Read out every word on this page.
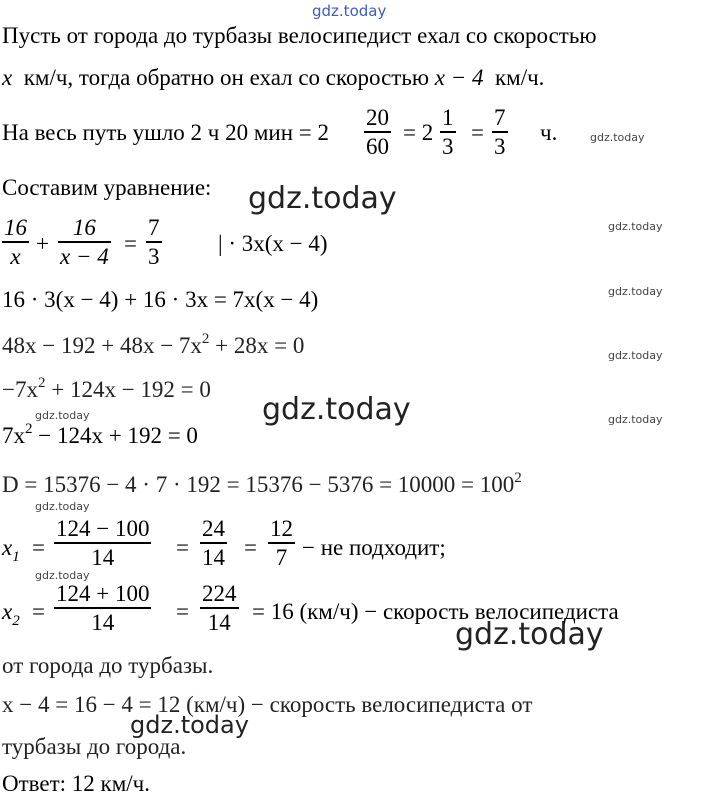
gdz.today
gdz.today
gdz.today
gdz.today
gdz.today
gdz.today
gdz.today	gdz.today
gdz.today
gdz.today
gdz.today
gdz.today
gdz.today
Пусть от города до турбазы велосипедист ехал со скоростью
x км/ч, тогда обратно он ехал со скоростью x − 4 км/ч.
На весь путь ушло 2 ч 20 мин = 2
20
60
= 2
1
3
=
7
3
ч.
Составим уравнение:
16
x +
16
x − 4 =
7
3	| · 3x(x − 4)
16 · 3(x − 4) + 16 · 3x = 7x(x − 4)
$48x - 192 + 48x - 7x^2 + 28x = 0$
$-7x^2 + 124x - 192 = 0$
$7x^2 - 124x + 192 = 0$
$D = 15376 - 4 \cdot 7 \cdot 192 = 15376 - 5376 = 10000 = 100^2$
$x_1$ =
124 − 100
14	=
24
14 =
12
7 − не подходит;
$x_2$ =
124 + 100
14	=
224
14 = 16 (км/ч) − скорость велосипедиста
от города до турбазы.
x − 4 = 16 − 4 = 12 (км/ч) − скорость велосипедиста от
турбазы до города.
Ответ: 12 км/ч.
